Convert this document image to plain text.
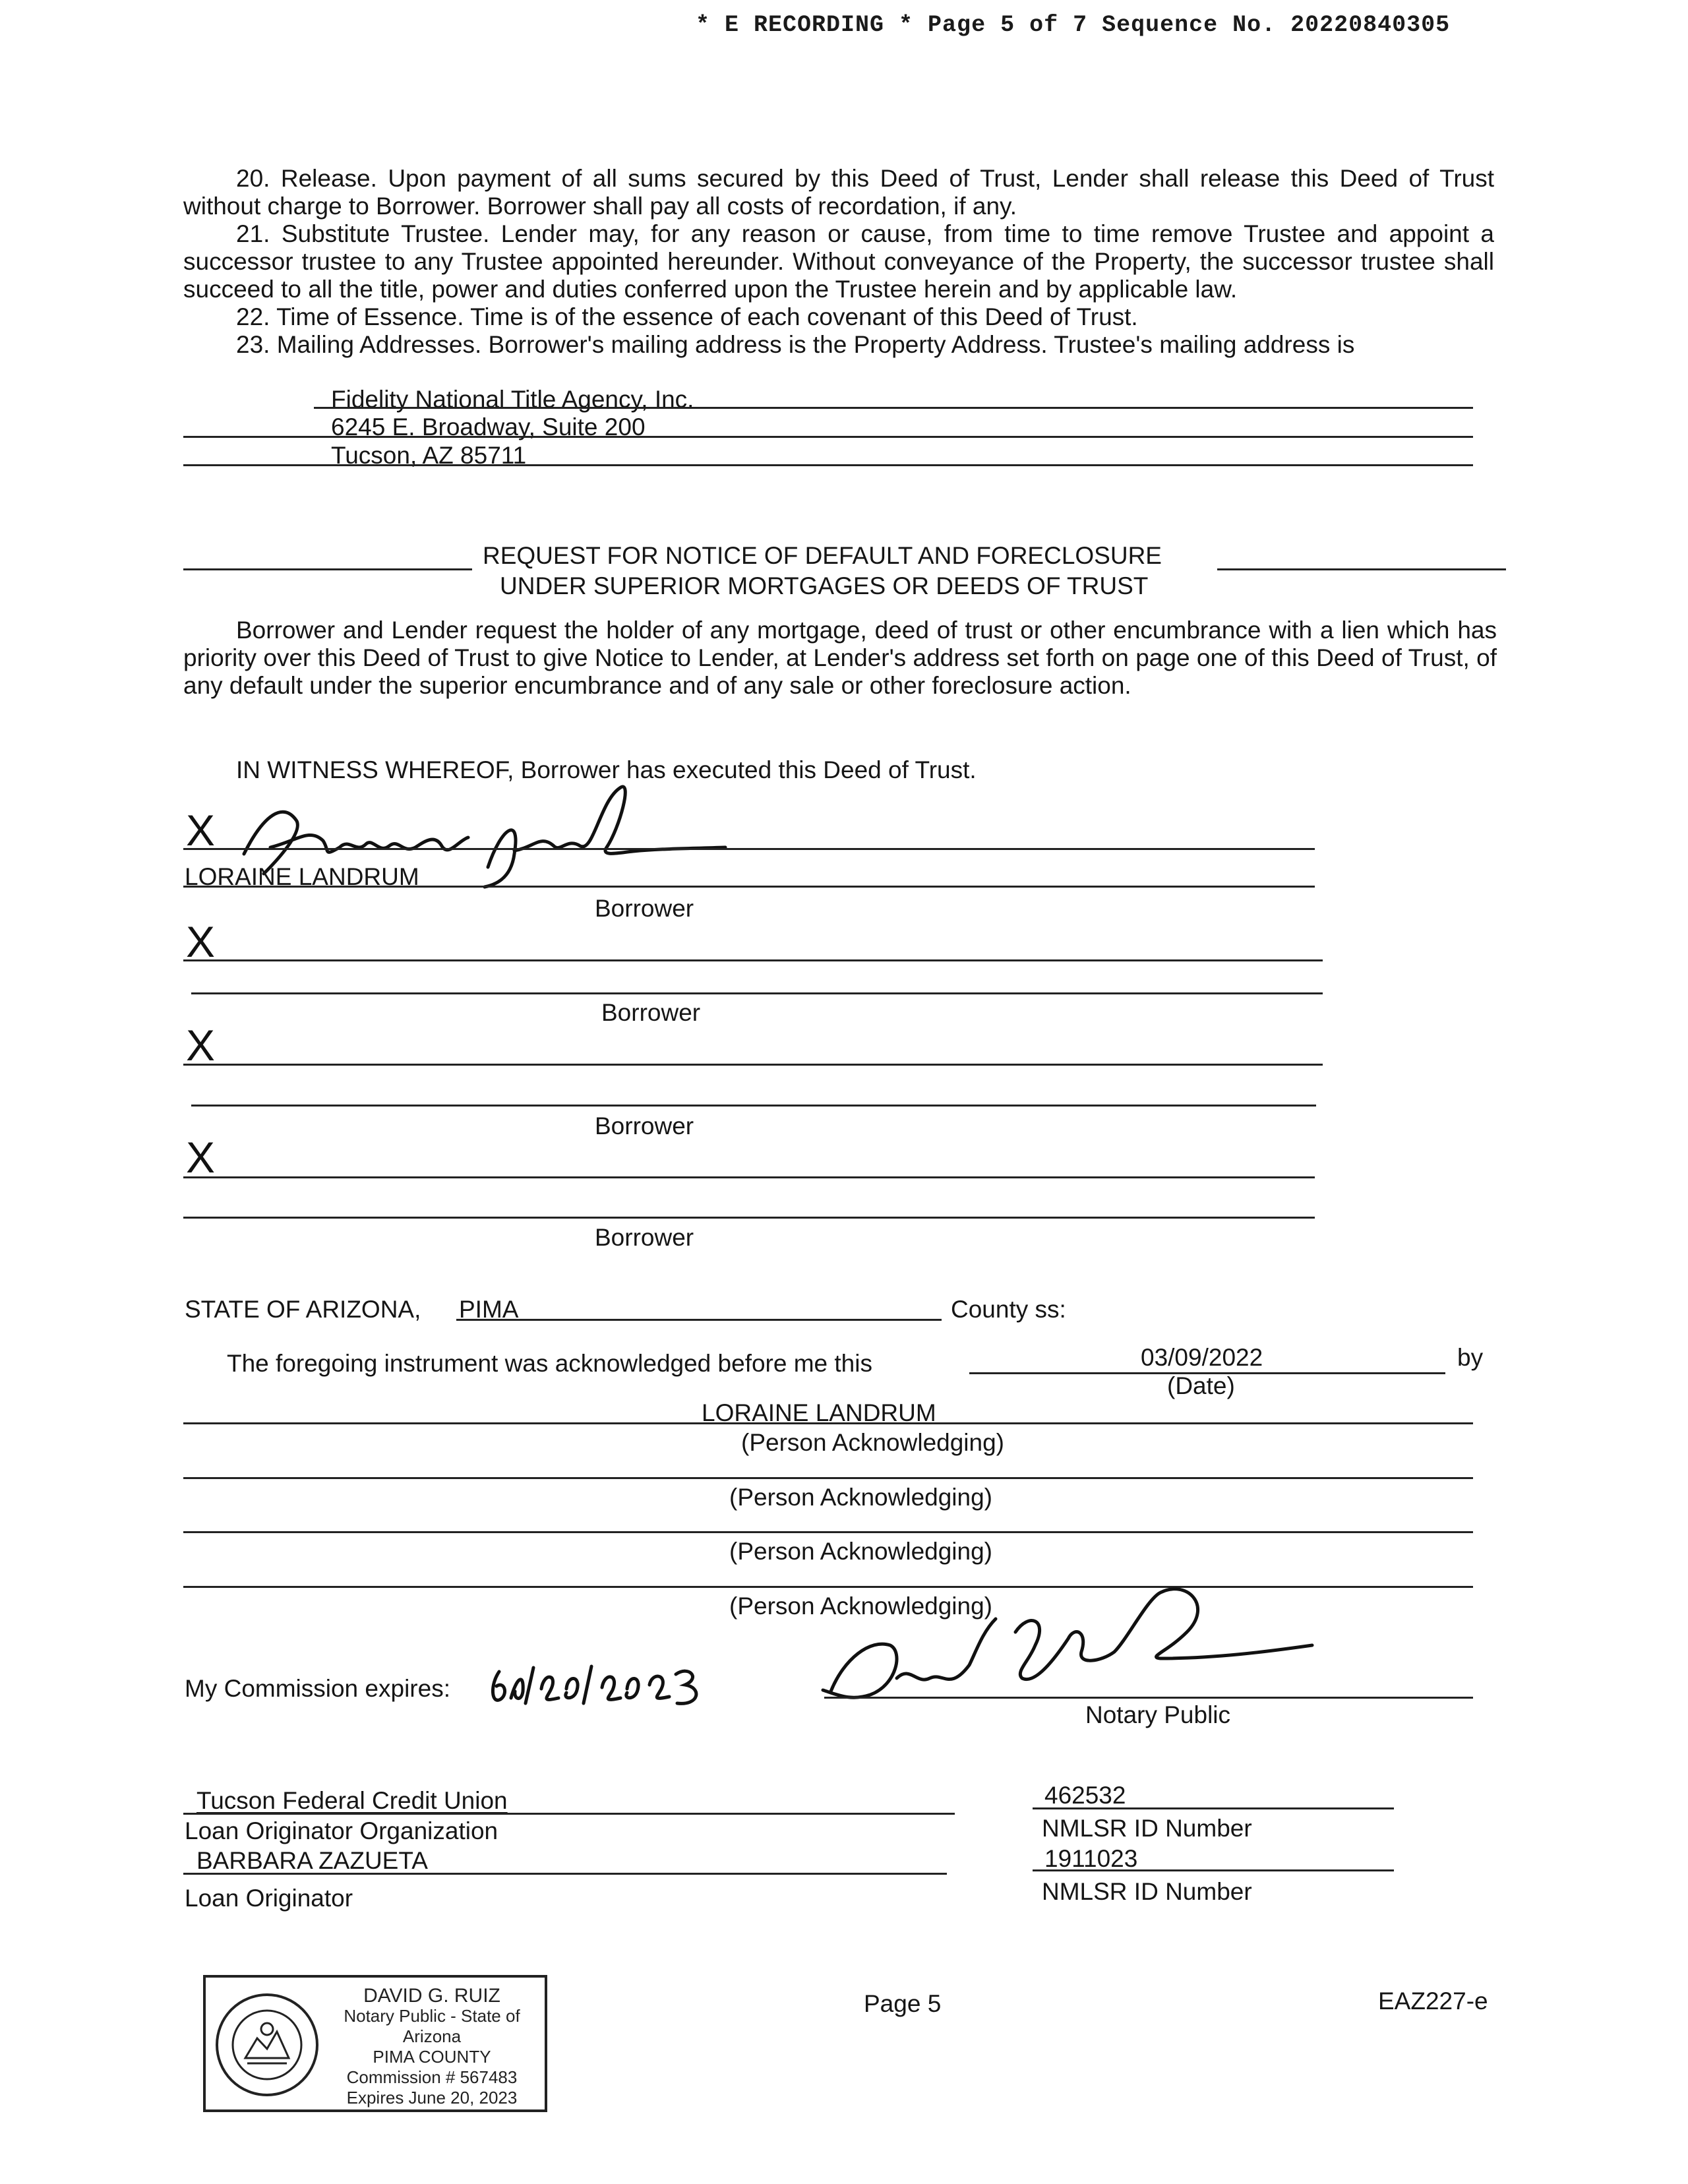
* E RECORDING * Page 5 of 7 Sequence No. 20220840305

20. Release. Upon payment of all sums secured by this Deed of Trust, Lender shall release this Deed of Trust without charge to Borrower. Borrower shall pay all costs of recordation, if any.

21. Substitute Trustee. Lender may, for any reason or cause, from time to time remove Trustee and appoint a successor trustee to any Trustee appointed hereunder. Without conveyance of the Property, the successor trustee shall succeed to all the title, power and duties conferred upon the Trustee herein and by applicable law.

22. Time of Essence. Time is of the essence of each covenant of this Deed of Trust.

23. Mailing Addresses. Borrower's mailing address is the Property Address. Trustee's mailing address is

Fidelity National Title Agency, Inc.
6245 E. Broadway, Suite 200
Tucson, AZ 85711
REQUEST FOR NOTICE OF DEFAULT AND FORECLOSURE
UNDER SUPERIOR MORTGAGES OR DEEDS OF TRUST

Borrower and Lender request the holder of any mortgage, deed of trust or other encumbrance with a lien which has priority over this Deed of Trust to give Notice to Lender, at Lender's address set forth on page one of this Deed of Trust, of any default under the superior encumbrance and of any sale or other foreclosure action.

IN WITNESS WHEREOF, Borrower has executed this Deed of Trust.
X
LORAINE LANDRUM
Borrower
X
Borrower
X
Borrower
X
Borrower
STATE OF ARIZONA, PIMA	County ss:
The foregoing instrument was acknowledged before me this	03/09/2022	by
(Date)
LORAINE LANDRUM
(Person Acknowledging)
(Person Acknowledging)
(Person Acknowledging)
(Person Acknowledging)
My Commission expires:
Notary Public
Tucson Federal Credit Union
Loan Originator Organization
BARBARA ZAZUETA
Loan Originator
462532
NMLSR ID Number
1911023
NMLSR ID Number
DAVID G. RUIZ
Notary Public - State of Arizona
PIMA COUNTY
Commission # 567483
Expires June 20, 2023
Page 5	EAZ227-e
